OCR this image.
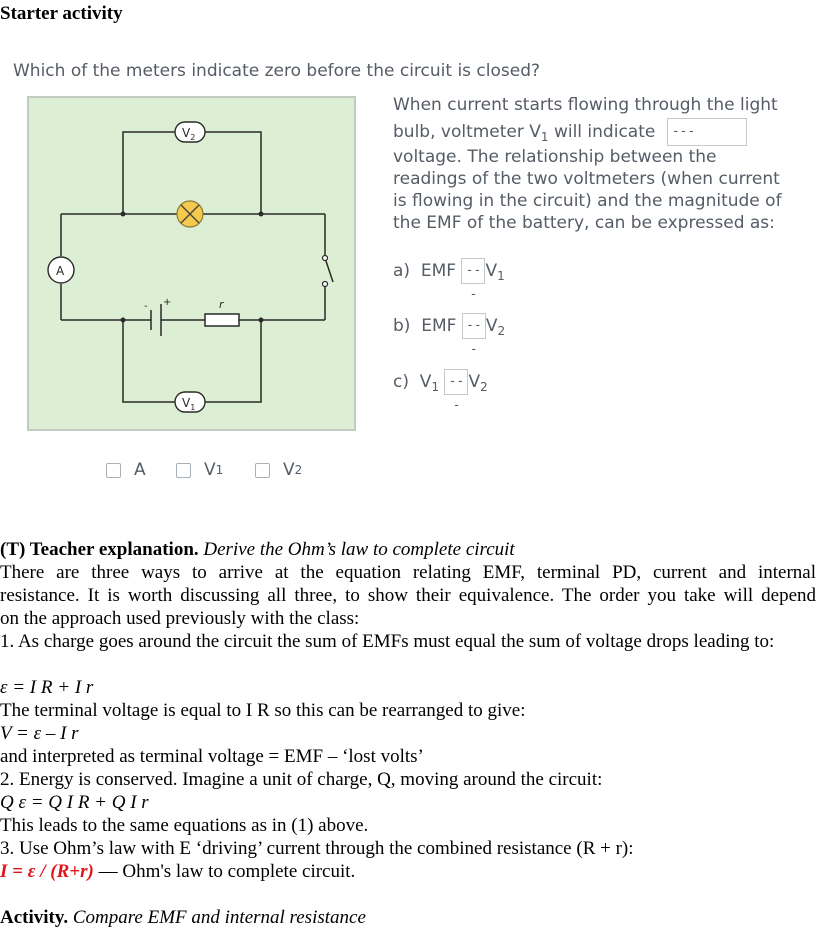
Starter activity
Which of the meters indicate zero before the circuit is closed?
- +	r
$V_2$
$V_1$
A
When current starts flowing through the light
bulb, voltmeter $V_1$ will indicate ---
voltage. The relationship between the readings of the two voltmeters (when current is flowing in the circuit) and the magnitude of the EMF of the battery, can be expressed as:
a) EMF $---V_1$
b) EMF $---V_2$
c) $V_1$ $---V_2$
A	V 1	V 2
(T) Teacher explanation. Derive the Ohm’s law to complete circuit
There are three ways to arrive at the equation relating EMF, terminal PD, current and internal
resistance. It is worth discussing all three, to show their equivalence. The order you take will depend
on the approach used previously with the class:
1. As charge goes around the circuit the sum of EMFs must equal the sum of voltage drops leading to:
ε = I R + I r
The terminal voltage is equal to I R so this can be rearranged to give:
V = ε – I r
and interpreted as terminal voltage = EMF – ‘lost volts’
2. Energy is conserved. Imagine a unit of charge, Q, moving around the circuit:
Q ε = Q I R + Q I r
This leads to the same equations as in (1) above.
3. Use Ohm’s law with E ‘driving’ current through the combined resistance (R + r):
I = ε / (R+r) — Ohm's law to complete circuit.
Activity. Compare EMF and internal resistance
